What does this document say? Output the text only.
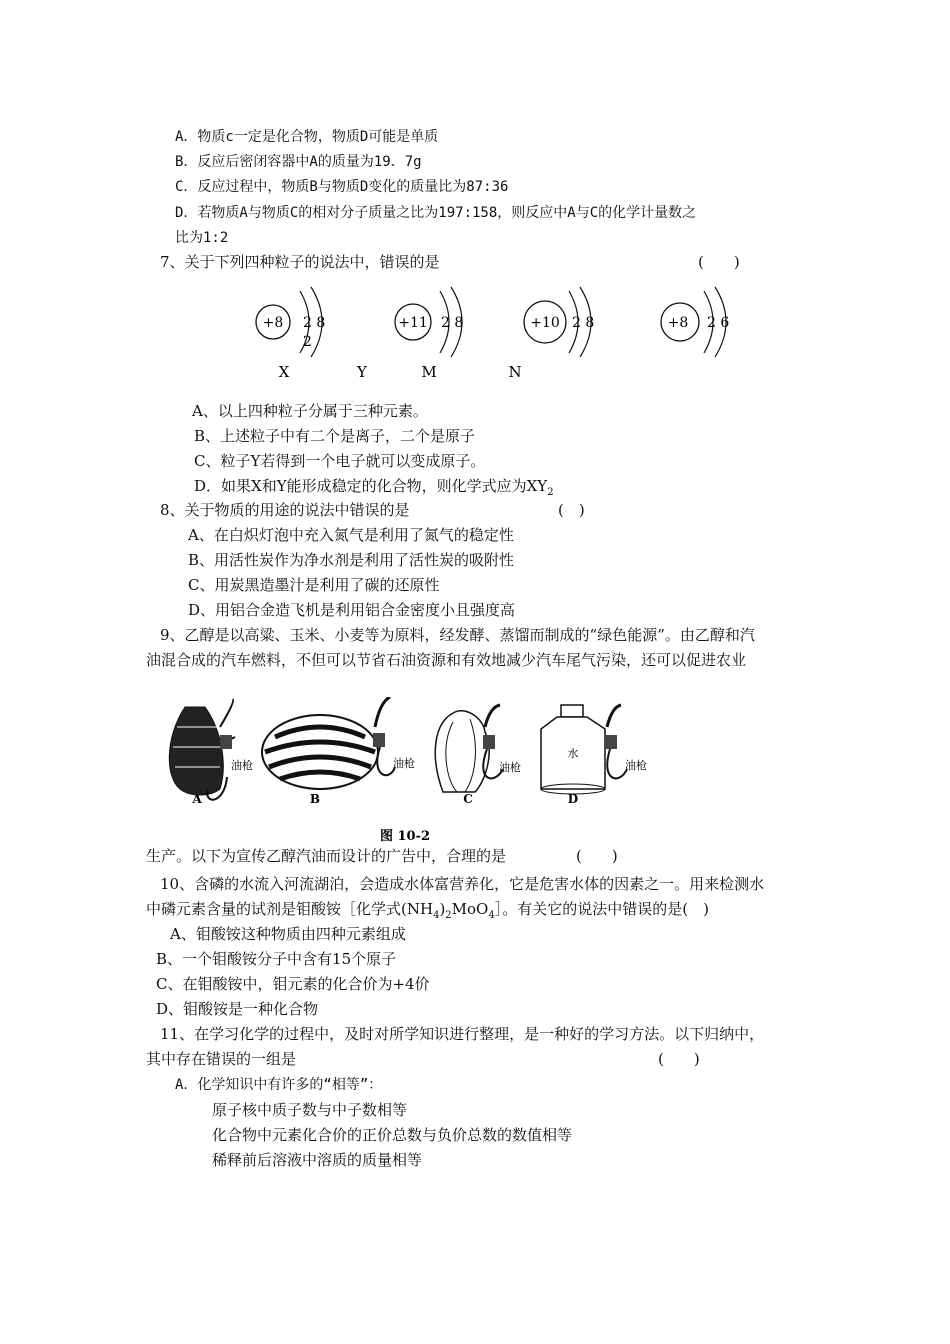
A．物质c一定是化合物，物质D可能是单质
B．反应后密闭容器中A的质量为19．7g
C．反应过程中，物质B与物质D变化的质量比为87:36
D．若物质A与物质C的相对分子质量之比为197:158，则反应中A与C的化学计量数之
比为1:2
7、关于下列四种粒子的说法中，错误的是	(　　)
+8 2 8
2
+11 2 8	+10 2 8	+8 2 6
X	Y	M	N
A、以上四种粒子分属于三种元素。
B、上述粒子中有二个是离子，二个是原子
C、粒子Y若得到一个电子就可以变成原子。
D．如果X和Y能形成稳定的化合物，则化学式应为$XY_2$
8、关于物质的用途的说法中错误的是	(　)
A、在白炽灯泡中充入氮气是利用了氮气的稳定性
B、用活性炭作为净水剂是利用了活性炭的吸附性
C、用炭黑造墨汁是利用了碳的还原性
D、用铝合金造飞机是利用铝合金密度小且强度高
9、乙醇是以高粱、玉米、小麦等为原料，经发酵、蒸馏而制成的“绿色能源”。由乙醇和汽
油混合成的汽车燃料，不但可以节省石油资源和有效地减少汽车尾气污染，还可以促进农业
油枪
A
油枪
B
油枪
C
水
油枪
D
图 10-2
生产。以下为宣传乙醇汽油而设计的广告中，合理的是	(　　)
10、含磷的水流入河流湖泊，会造成水体富营养化，它是危害水体的因素之一。用来检测水
中磷元素含量的试剂是钼酸铵［化学式$(NH_4)_2MoO_4]$。有关它的说法中错误的是(　)
A、钼酸铵这种物质由四种元素组成
B、一个钼酸铵分子中含有15个原子
C、在钼酸铵中，钼元素的化合价为+4价
D、钼酸铵是一种化合物
11、在学习化学的过程中，及时对所学知识进行整理，是一种好的学习方法。以下归纳中，
其中存在错误的一组是	(　　)
A．化学知识中有许多的“相等”：
原子核中质子数与中子数相等
化合物中元素化合价的正价总数与负价总数的数值相等
稀释前后溶液中溶质的质量相等
